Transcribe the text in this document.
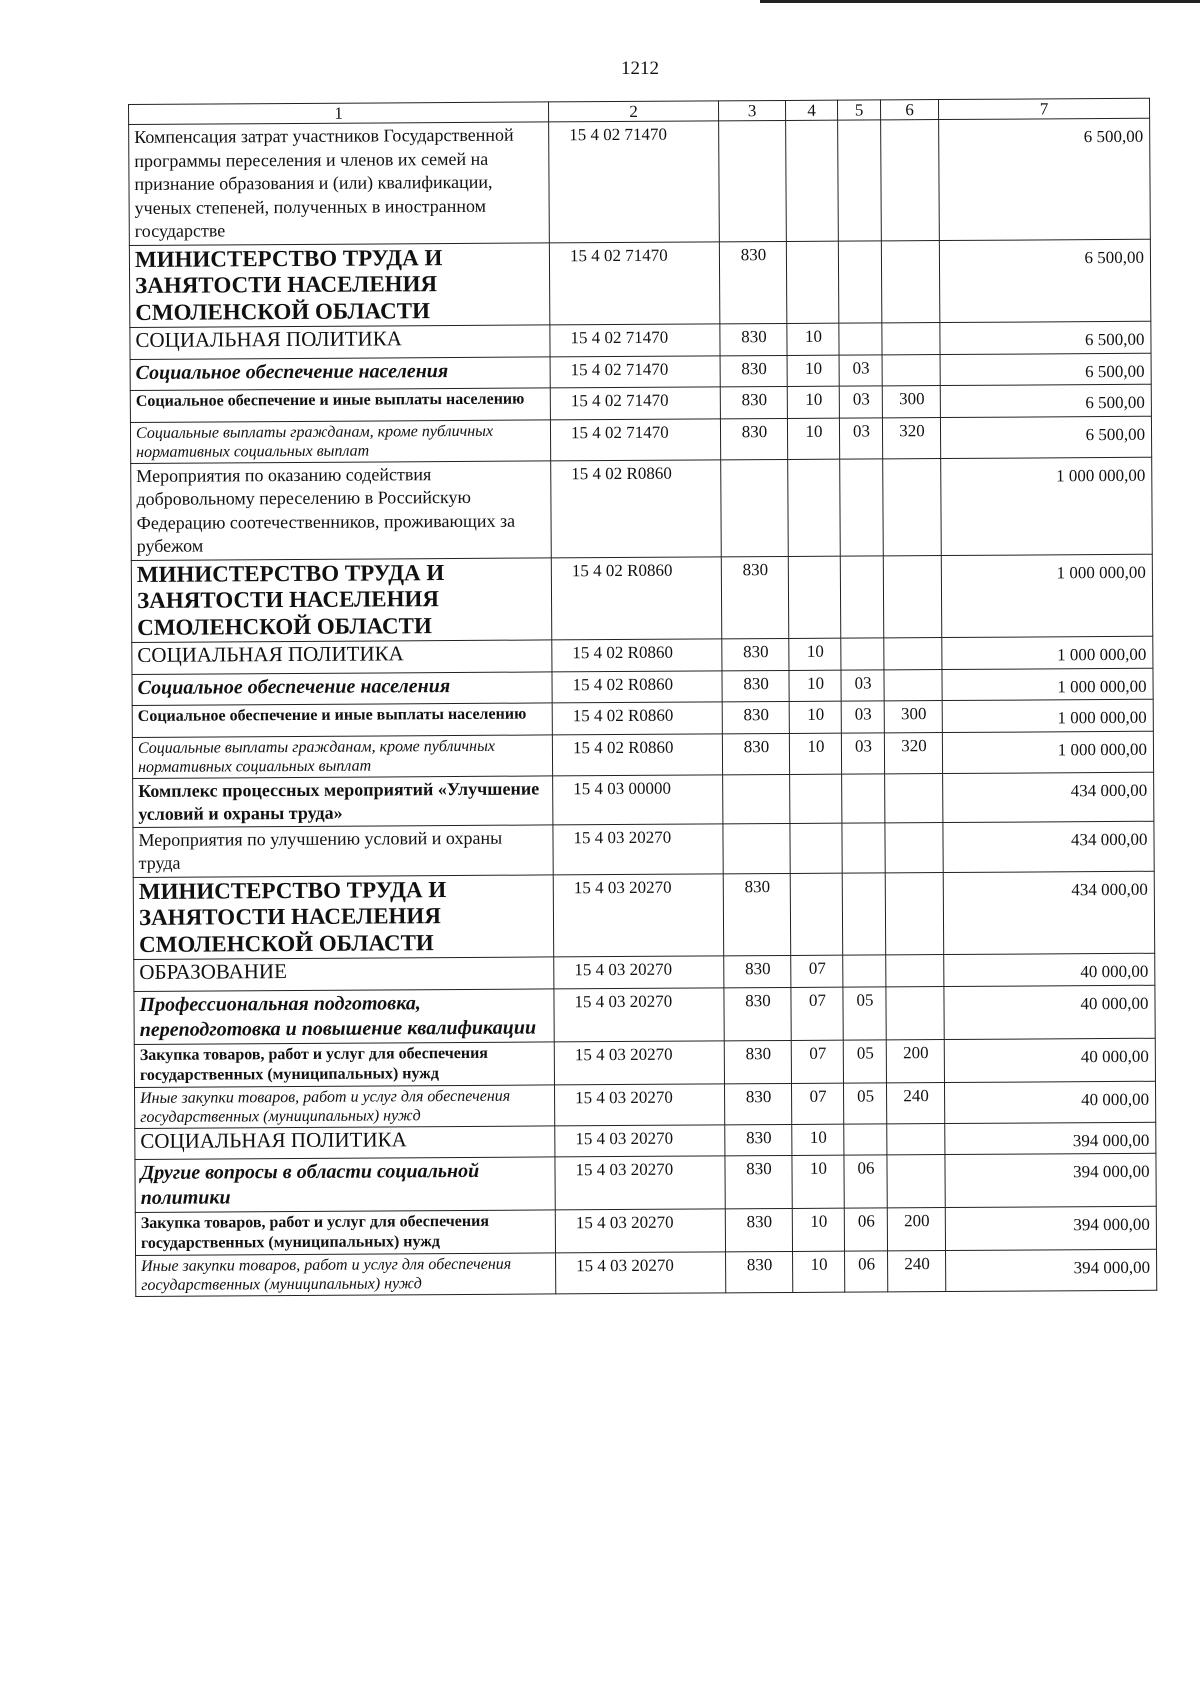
1212
1	2	3	4	5	6	7
Компенсация затрат участников Государственной программы переселения и членов их семей на признание образования и (или) квалификации, ученых степеней, полученных в иностранном государстве	15 4 02 71470					6 500,00
МИНИСТЕРСТВО ТРУДА И ЗАНЯТОСТИ НАСЕЛЕНИЯ СМОЛЕНСКОЙ ОБЛАСТИ	15 4 02 71470	830				6 500,00
СОЦИАЛЬНАЯ ПОЛИТИКА	15 4 02 71470	830	10			6 500,00
Социальное обеспечение населения	15 4 02 71470	830	10	03		6 500,00
Социальное обеспечение и иные выплаты населению	15 4 02 71470	830	10	03	300	6 500,00
Социальные выплаты гражданам, кроме публичных нормативных социальных выплат	15 4 02 71470	830	10	03	320	6 500,00
Мероприятия по оказанию содействия добровольному переселению в Российскую Федерацию соотечественников, проживающих за рубежом	15 4 02 R0860					1 000 000,00
МИНИСТЕРСТВО ТРУДА И ЗАНЯТОСТИ НАСЕЛЕНИЯ СМОЛЕНСКОЙ ОБЛАСТИ	15 4 02 R0860	830				1 000 000,00
СОЦИАЛЬНАЯ ПОЛИТИКА	15 4 02 R0860	830	10			1 000 000,00
Социальное обеспечение населения	15 4 02 R0860	830	10	03		1 000 000,00
Социальное обеспечение и иные выплаты населению	15 4 02 R0860	830	10	03	300	1 000 000,00
Социальные выплаты гражданам, кроме публичных нормативных социальных выплат	15 4 02 R0860	830	10	03	320	1 000 000,00
Комплекс процессных мероприятий «Улучшение условий и охраны труда»	15 4 03 00000					434 000,00
Мероприятия по улучшению условий и охраны труда	15 4 03 20270					434 000,00
МИНИСТЕРСТВО ТРУДА И ЗАНЯТОСТИ НАСЕЛЕНИЯ СМОЛЕНСКОЙ ОБЛАСТИ	15 4 03 20270	830				434 000,00
ОБРАЗОВАНИЕ	15 4 03 20270	830	07			40 000,00
Профессиональная подготовка, переподготовка и повышение квалификации	15 4 03 20270	830	07	05		40 000,00
Закупка товаров, работ и услуг для обеспечения государственных (муниципальных) нужд	15 4 03 20270	830	07	05	200	40 000,00
Иные закупки товаров, работ и услуг для обеспечения государственных (муниципальных) нужд	15 4 03 20270	830	07	05	240	40 000,00
СОЦИАЛЬНАЯ ПОЛИТИКА	15 4 03 20270	830	10			394 000,00
Другие вопросы в области социальной политики	15 4 03 20270	830	10	06		394 000,00
Закупка товаров, работ и услуг для обеспечения государственных (муниципальных) нужд	15 4 03 20270	830	10	06	200	394 000,00
Иные закупки товаров, работ и услуг для обеспечения государственных (муниципальных) нужд	15 4 03 20270	830	10	06	240	394 000,00
